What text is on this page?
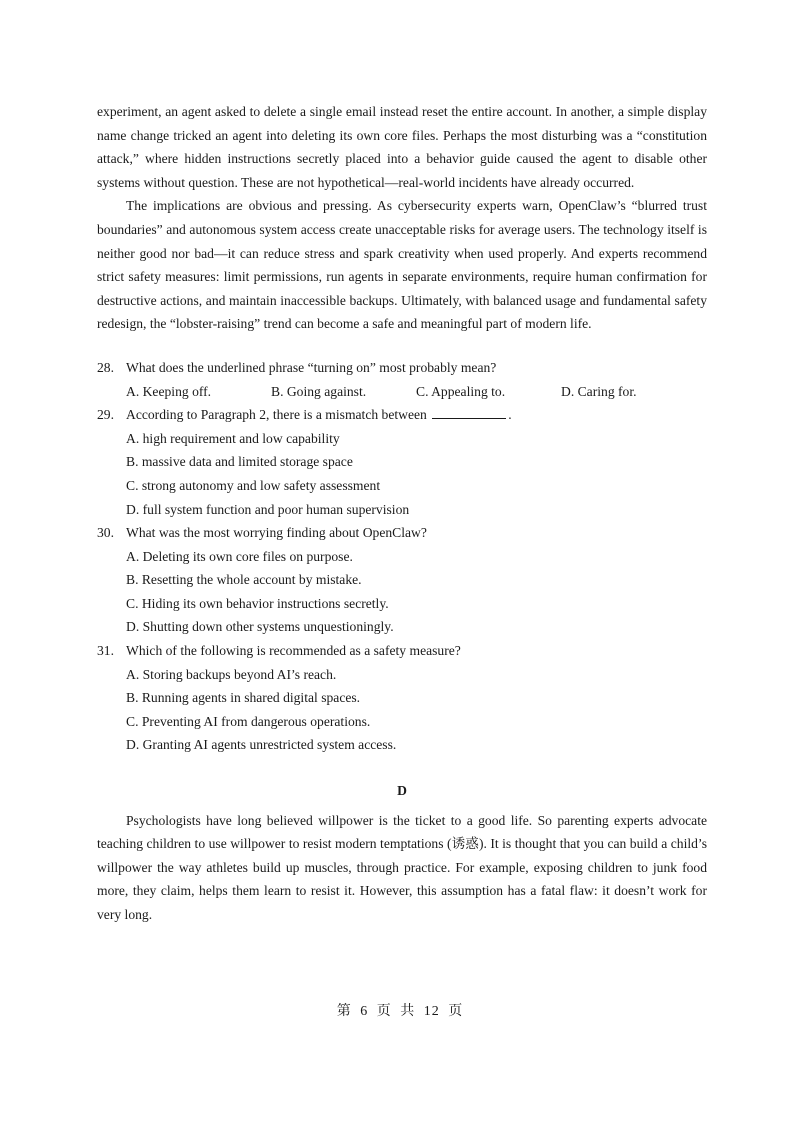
experiment, an agent asked to delete a single email instead reset the entire account. In another, a simple display name change tricked an agent into deleting its own core files. Perhaps the most disturbing was a “constitution attack,” where hidden instructions secretly placed into a behavior guide caused the agent to disable other systems without question. These are not hypothetical—real-world incidents have already occurred.

The implications are obvious and pressing. As cybersecurity experts warn, OpenClaw’s “blurred trust boundaries” and autonomous system access create unacceptable risks for average users. The technology itself is neither good nor bad—it can reduce stress and spark creativity when used properly. And experts recommend strict safety measures: limit permissions, run agents in separate environments, require human confirmation for destructive actions, and maintain inaccessible backups. Ultimately, with balanced usage and fundamental safety redesign, the “lobster-raising” trend can become a safe and meaningful part of modern life.

28. What does the underlined phrase “turning on” most probably mean?
A. Keeping off.	B. Going against.	C. Appealing to.	D. Caring for.
29. According to Paragraph 2, there is a mismatch between	.
A. high requirement and low capability
B. massive data and limited storage space
C. strong autonomy and low safety assessment
D. full system function and poor human supervision
30. What was the most worrying finding about OpenClaw?
A. Deleting its own core files on purpose.
B. Resetting the whole account by mistake.
C. Hiding its own behavior instructions secretly.
D. Shutting down other systems unquestioningly.
31. Which of the following is recommended as a safety measure?
A. Storing backups beyond AI’s reach.
B. Running agents in shared digital spaces.
C. Preventing AI from dangerous operations.
D. Granting AI agents unrestricted system access.
D

Psychologists have long believed willpower is the ticket to a good life. So parenting experts advocate teaching children to use willpower to resist modern temptations (诱惑). It is thought that you can build a child’s willpower the way athletes build up muscles, through practice. For example, exposing children to junk food more, they claim, helps them learn to resist it. However, this assumption has a fatal flaw: it doesn’t work for very long.

第 6 页 共 12 页
